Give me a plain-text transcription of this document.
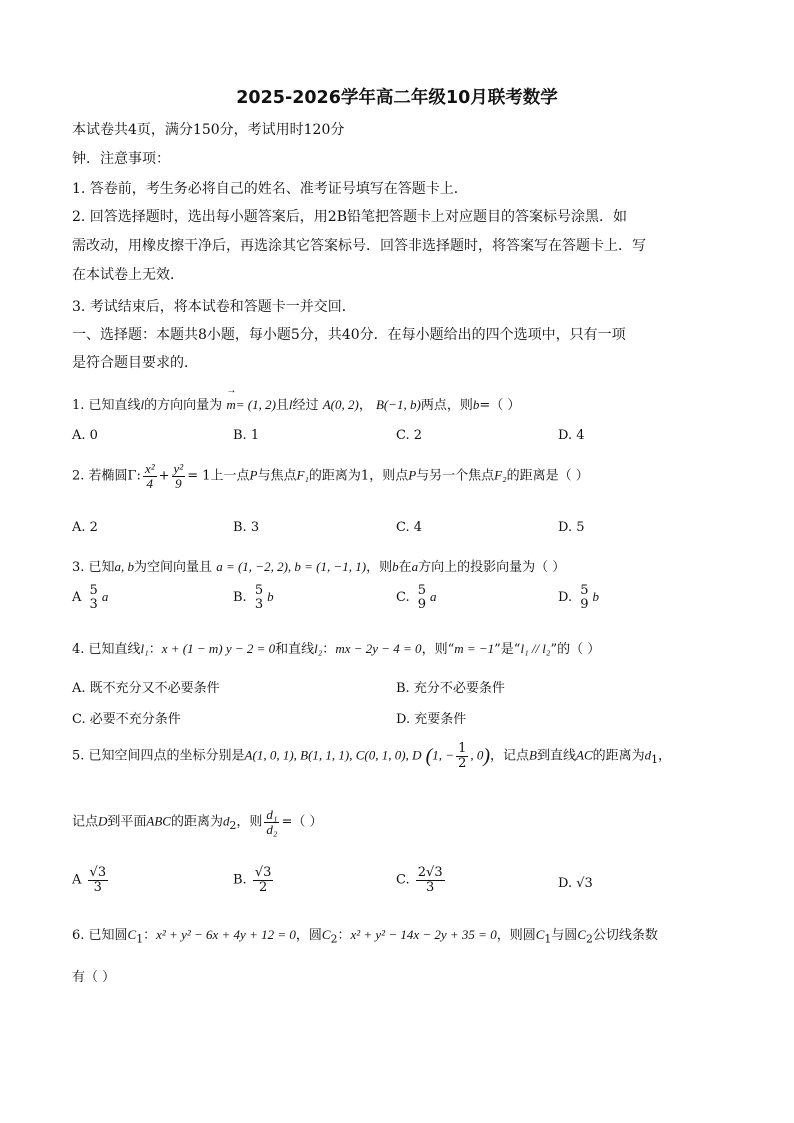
2025-2026学年高二年级10月联考数学
本试卷共4页，满分150分，考试用时120分
钟．注意事项：
1. 答卷前，考生务必将自己的姓名、准考证号填写在答题卡上．
2. 回答选择题时，选出每小题答案后，用2B铅笔把答题卡上对应题目的答案标号涂黑．如
需改动，用橡皮擦干净后，再选涂其它答案标号．回答非选择题时，将答案写在答题卡上．写
在本试卷上无效．
3. 考试结束后，将本试卷和答题卡一并交回．
一、选择题：本题共8小题，每小题5分，共40分．在每小题给出的四个选项中，只有一项
是符合题目要求的．
1. 已知直线l的方向向量为
→
m= (1, 2)且l经过 A(0, 2)， B(−1, b)两点，则b=（ ）
A. 0	B. 1	C. 2	D. 4
2. 若椭圆Γ: $\frac{\text{x²}}{4} + \frac{\text{y²}}{9} = 1$上一点P与焦点F₁的距离为1，则点P与另一个焦点F₂的距离是（ ）
A. 2	B. 3	C. 4	D. 5
3. 已知a, b为空间向量且 a = (1, −2, 2), b = (1, −1, 1)，则b在a方向上的投影向量为（ ）
A 5
3 a	B. 5
3 b	C. 5
9 a	D. 5
9 b
4. 已知直线l₁：x + (1 − m) y − 2 = 0和直线l₂：mx − 2y − 4 = 0，则“m = −1”是“l₁ // l₂”的（ ）
A. 既不充分又不必要条件	B. 充分不必要条件
C. 必要不充分条件	D. 充要条件
5. 已知空间四点的坐标分别是A(1, 0, 1), B(1, 1, 1), C(0, 1, 0), D (1, − $\frac{1}{2}$ , 0)，记点B到直线AC的距离为$d_1$，
记点D到平面ABC的距离为$d_2$，则 $\frac{\text{d₁}}{\text{d₂}}$ =（ ）
A $\frac{√3}{3}$	B. $\frac{√3}{2}$	C. $\frac{2√3}{3}$	D. √3
6. 已知圆$C_1$：x² + y² − 6x + 4y + 12 = 0，圆$C_2$：x² + y² − 14x − 2y + 35 = 0，则圆$C_1$与圆$C_2$公切线条数
有（ ）
